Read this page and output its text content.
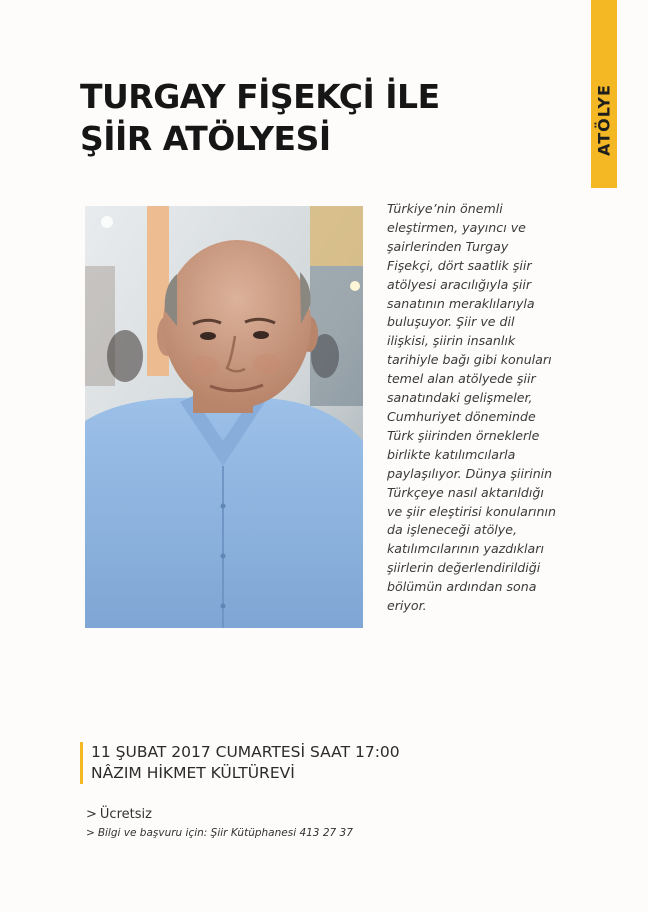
ATÖLYE
TURGAY FİŞEKÇİ İLE
ŞİİR ATÖLYESİ
Türkiye’nin önemli
eleştirmen, yayıncı ve
şairlerinden Turgay
Fişekçi, dört saatlik şiir
atölyesi aracılığıyla şiir
sanatının meraklılarıyla
buluşuyor. Şiir ve dil
ilişkisi, şiirin insanlık
tarihiyle bağı gibi konuları
temel alan atölyede şiir
sanatındaki gelişmeler,
Cumhuriyet döneminde
Türk şiirinden örneklerle
birlikte katılımcılarla
paylaşılıyor. Dünya şiirinin
Türkçeye nasıl aktarıldığı
ve şiir eleştirisi konularının
da işleneceği atölye,
katılımcılarının yazdıkları
şiirlerin değerlendirildiği
bölümün ardından sona
eriyor.
11 ŞUBAT 2017 CUMARTESİ SAAT 17:00
NÂZIM HİKMET KÜLTÜREVİ
> Ücretsiz
> Bilgi ve başvuru için: Şiir Kütüphanesi 413 27 37
